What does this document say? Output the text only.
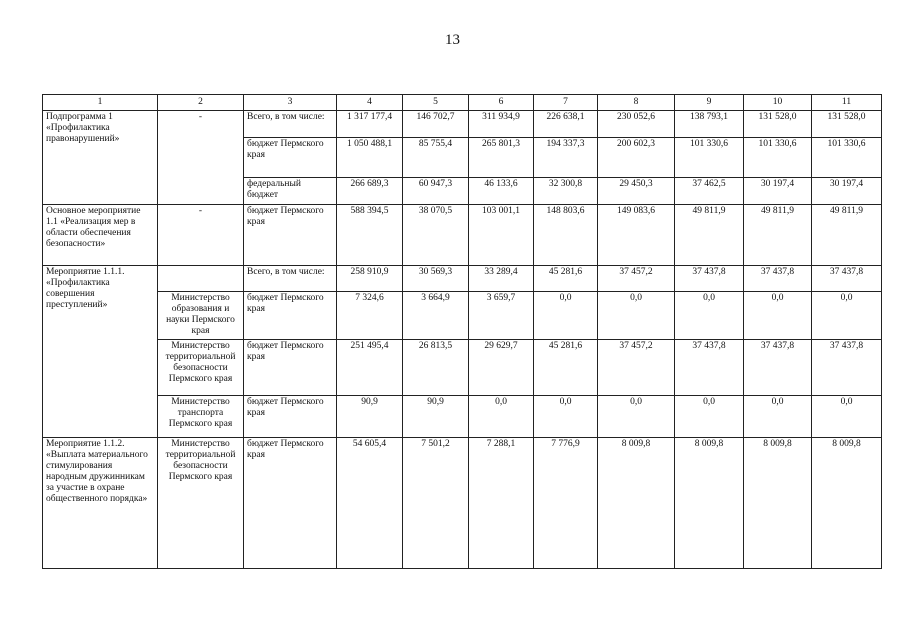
13
1	2	3	4	5	6	7	8	9	10	11
Подпрограмма 1 «Профилактика правонарушений»	-	Всего, в том числе:	1 317 177,4	146 702,7	311 934,9	226 638,1	230 052,6	138 793,1	131 528,0	131 528,0
		бюджет Пермского края	1 050 488,1	85 755,4	265 801,3	194 337,3	200 602,3	101 330,6	101 330,6	101 330,6
		федеральный бюджет	266 689,3	60 947,3	46 133,6	32 300,8	29 450,3	37 462,5	30 197,4	30 197,4
Основное мероприятие 1.1 «Реализация мер в области обеспечения безопасности»	-	бюджет Пермского края	588 394,5	38 070,5	103 001,1	148 803,6	149 083,6	49 811,9	49 811,9	49 811,9
Мероприятие 1.1.1. «Профилактика совершения преступлений»		Всего, в том числе:	258 910,9	30 569,3	33 289,4	45 281,6	37 457,2	37 437,8	37 437,8	37 437,8
	Министерство образования и науки Пермского края	бюджет Пермского края	7 324,6	3 664,9	3 659,7	0,0	0,0	0,0	0,0	0,0
	Министерство территориальной безопасности Пермского края	бюджет Пермского края	251 495,4	26 813,5	29 629,7	45 281,6	37 457,2	37 437,8	37 437,8	37 437,8
	Министерство транспорта Пермского края	бюджет Пермского края	90,9	90,9	0,0	0,0	0,0	0,0	0,0	0,0
Мероприятие 1.1.2. «Выплата материального стимулирования народным дружинникам за участие в охране общественного порядка»	Министерство территориальной безопасности Пермского края	бюджет Пермского края	54 605,4	7 501,2	7 288,1	7 776,9	8 009,8	8 009,8	8 009,8	8 009,8
